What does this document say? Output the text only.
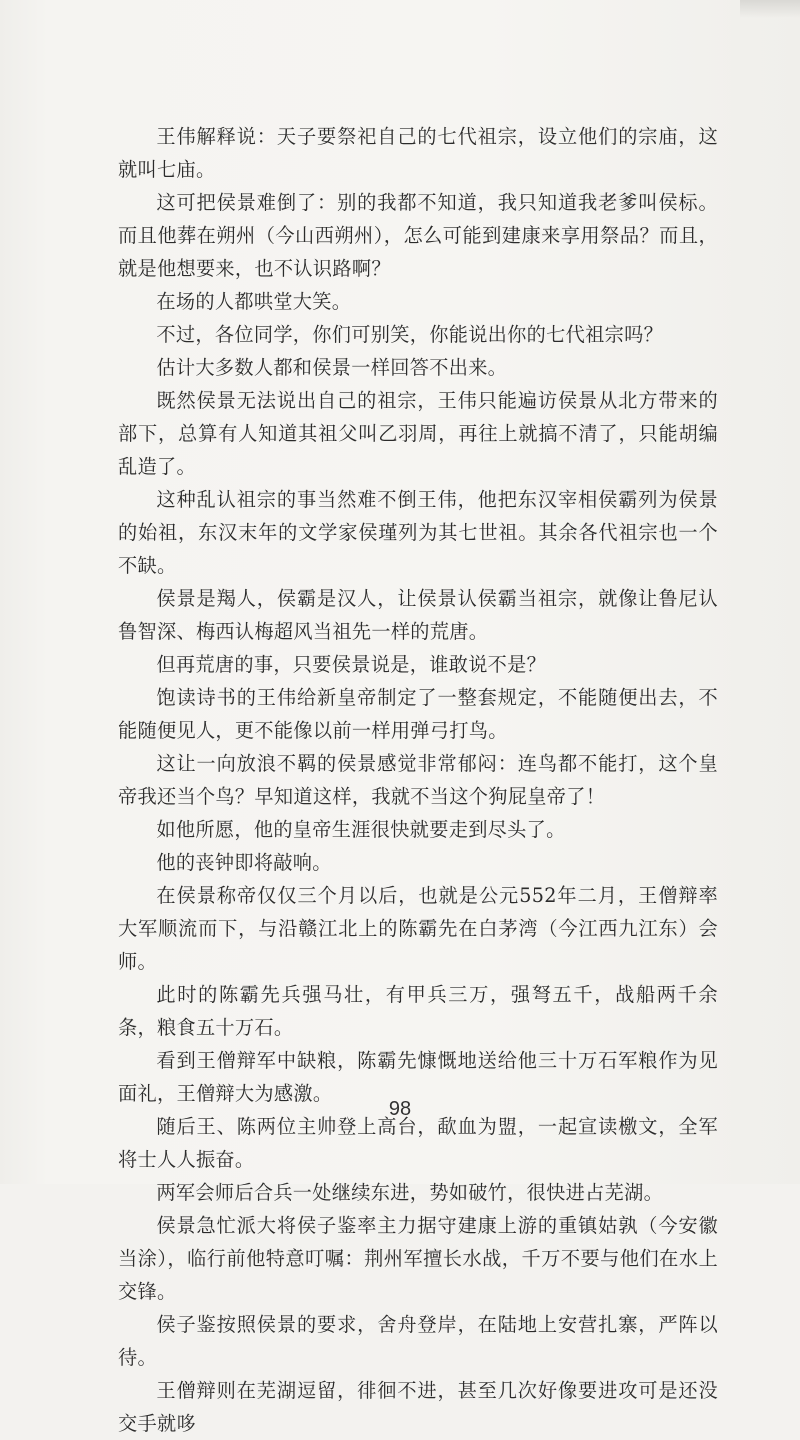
王伟解释说：天子要祭祀自己的七代祖宗，设立他们的宗庙，这就叫七庙。

这可把侯景难倒了：别的我都不知道，我只知道我老爹叫侯标。而且他葬在朔州（今山西朔州），怎么可能到建康来享用祭品？而且，就是他想要来，也不认识路啊？

在场的人都哄堂大笑。

不过，各位同学，你们可别笑，你能说出你的七代祖宗吗？

估计大多数人都和侯景一样回答不出来。

既然侯景无法说出自己的祖宗，王伟只能遍访侯景从北方带来的部下，总算有人知道其祖父叫乙羽周，再往上就搞不清了，只能胡编乱造了。

这种乱认祖宗的事当然难不倒王伟，他把东汉宰相侯霸列为侯景的始祖，东汉末年的文学家侯瑾列为其七世祖。其余各代祖宗也一个不缺。

侯景是羯人，侯霸是汉人，让侯景认侯霸当祖宗，就像让鲁尼认鲁智深、梅西认梅超风当祖先一样的荒唐。

但再荒唐的事，只要侯景说是，谁敢说不是？

饱读诗书的王伟给新皇帝制定了一整套规定，不能随便出去，不能随便见人，更不能像以前一样用弹弓打鸟。

这让一向放浪不羁的侯景感觉非常郁闷：连鸟都不能打，这个皇帝我还当个鸟？早知道这样，我就不当这个狗屁皇帝了！

如他所愿，他的皇帝生涯很快就要走到尽头了。

他的丧钟即将敲响。

在侯景称帝仅仅三个月以后，也就是公元552年二月，王僧辩率大军顺流而下，与沿赣江北上的陈霸先在白茅湾（今江西九江东）会师。

此时的陈霸先兵强马壮，有甲兵三万，强弩五千，战船两千余条，粮食五十万石。

看到王僧辩军中缺粮，陈霸先慷慨地送给他三十万石军粮作为见面礼，王僧辩大为感激。

随后王、陈两位主帅登上高台，歃血为盟，一起宣读檄文，全军将士人人振奋。

两军会师后合兵一处继续东进，势如破竹，很快进占芜湖。

侯景急忙派大将侯子鉴率主力据守建康上游的重镇姑孰（今安徽当涂），临行前他特意叮嘱：荆州军擅长水战，千万不要与他们在水上交锋。

侯子鉴按照侯景的要求，舍舟登岸，在陆地上安营扎寨，严阵以待。

王僧辩则在芜湖逗留，徘徊不进，甚至几次好像要进攻可是还没交手就哆

98
